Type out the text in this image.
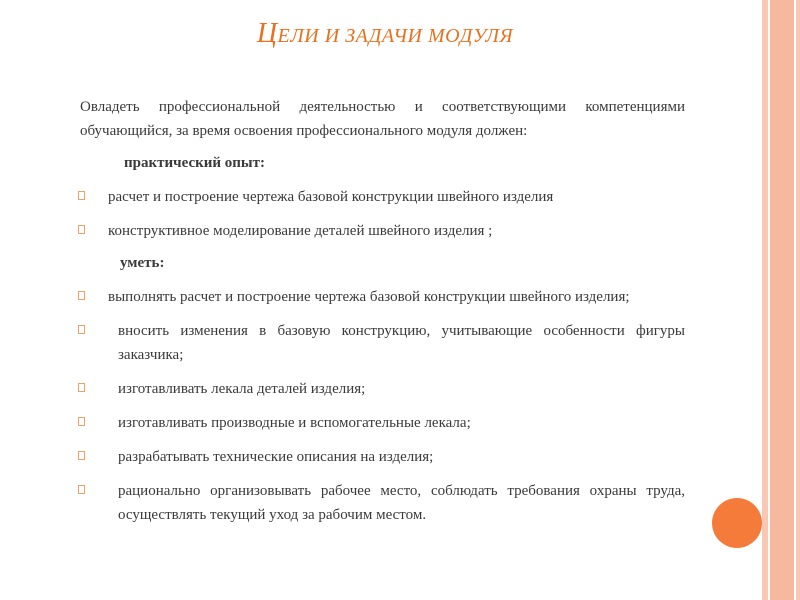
ЦЕЛИ И ЗАДАЧИ МОДУЛЯ

Овладеть профессиональной деятельностью и соответствующими компетенциями обучающийся, за время освоения профессионального модуля должен:

практический опыт:
расчет и построение чертежа базовой конструкции швейного изделия
конструктивное моделирование деталей швейного изделия ;
уметь:
выполнять расчет и построение чертежа базовой конструкции швейного изделия;
вносить изменения в базовую конструкцию, учитывающие особенности фигуры заказчика;
изготавливать лекала деталей изделия;
изготавливать производные и вспомогательные лекала;
разрабатывать технические описания на изделия;
рационально организовывать рабочее место, соблюдать требования охраны труда, осуществлять текущий уход за рабочим местом.
